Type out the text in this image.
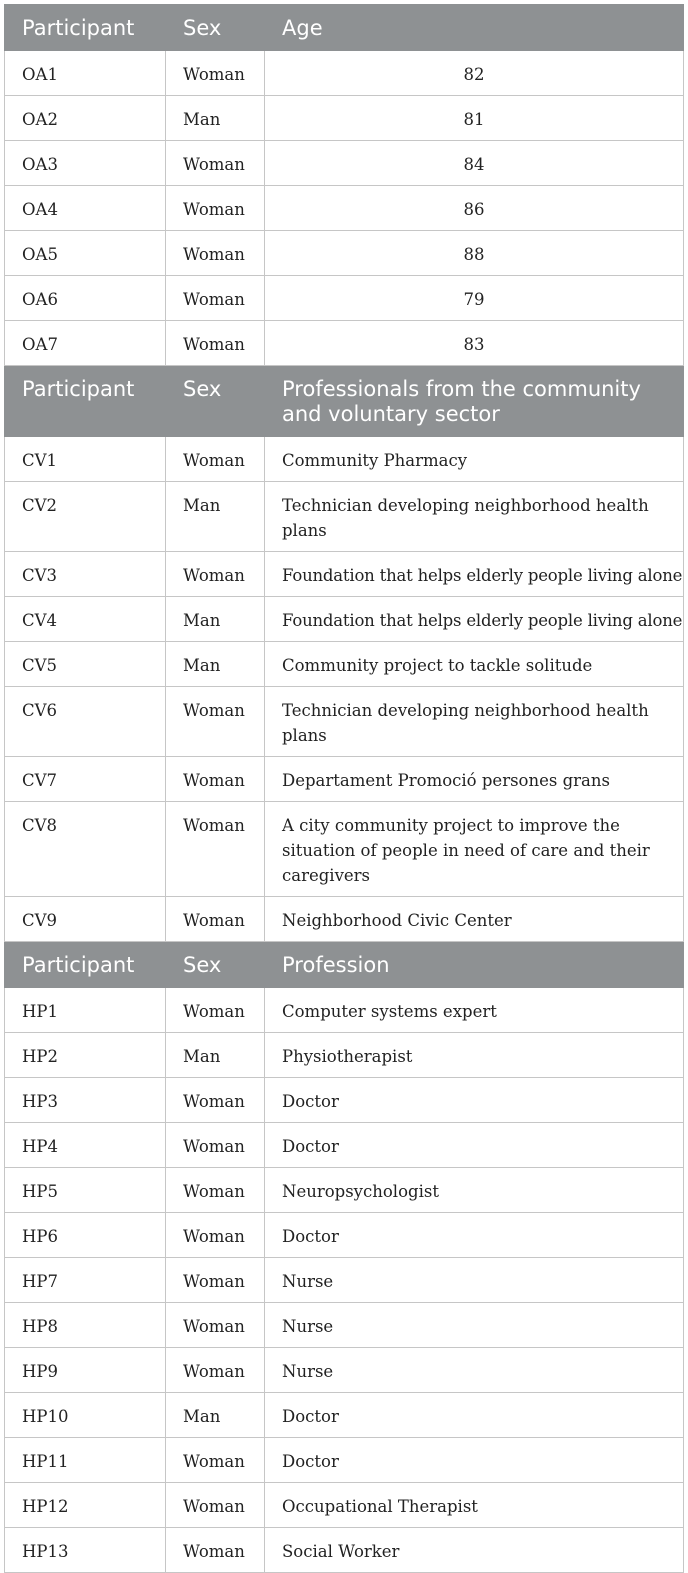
Participant	Sex	Age
OA1	Woman	82
OA2	Man	81
OA3	Woman	84
OA4	Woman	86
OA5	Woman	88
OA6	Woman	79
OA7	Woman	83
Participant	Sex	Professionals from the community and voluntary sector
CV1	Woman	Community Pharmacy
CV2	Man	Technician developing neighborhood health plans
CV3	Woman	Foundation that helps elderly people living alone
CV4	Man	Foundation that helps elderly people living alone
CV5	Man	Community project to tackle solitude
CV6	Woman	Technician developing neighborhood health plans
CV7	Woman	Departament Promoció persones grans
CV8	Woman	A city community project to improve the situation of people in need of care and their caregivers
CV9	Woman	Neighborhood Civic Center
Participant	Sex	Profession
HP1	Woman	Computer systems expert
HP2	Man	Physiotherapist
HP3	Woman	Doctor
HP4	Woman	Doctor
HP5	Woman	Neuropsychologist
HP6	Woman	Doctor
HP7	Woman	Nurse
HP8	Woman	Nurse
HP9	Woman	Nurse
HP10	Man	Doctor
HP11	Woman	Doctor
HP12	Woman	Occupational Therapist
HP13	Woman	Social Worker
